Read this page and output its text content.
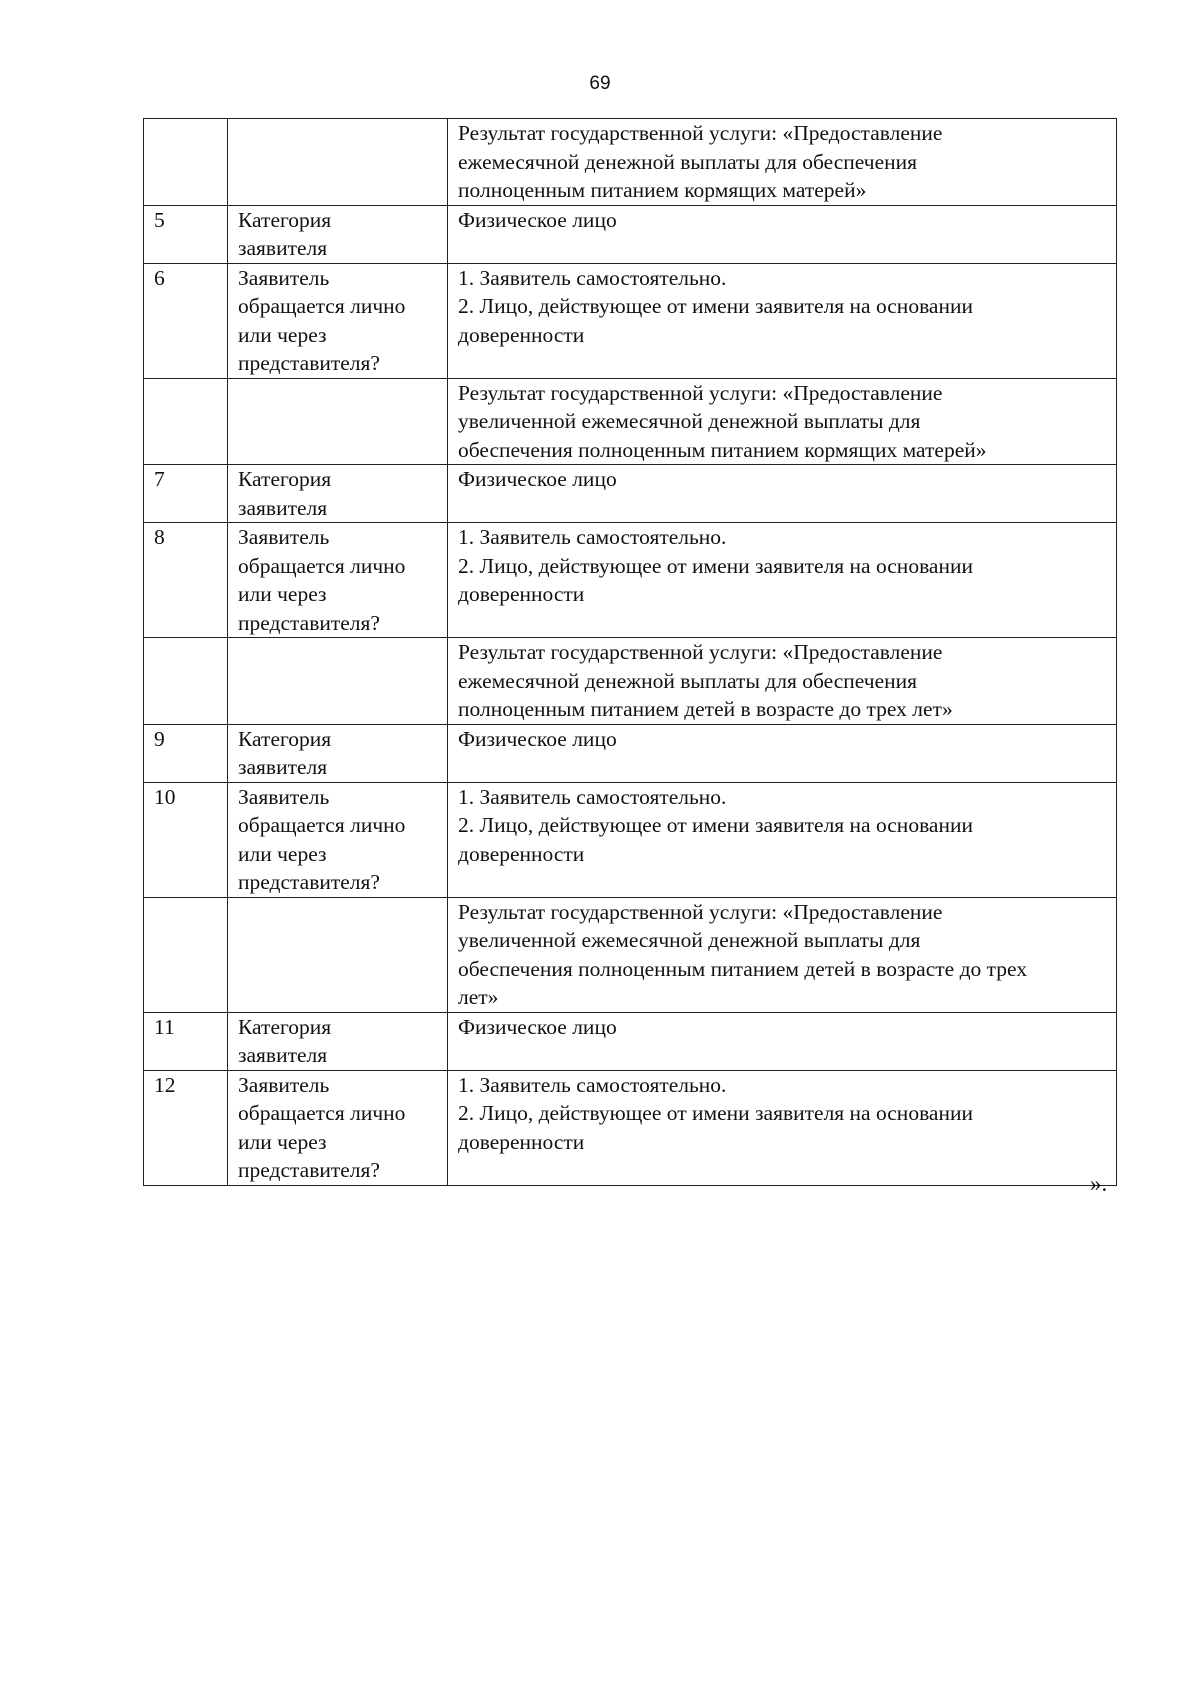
69

		Результат государственной услуги: «Предоставление
ежемесячной денежной выплаты для обеспечения
полноценным питанием кормящих матерей»

5	Категория
заявителя	Физическое лицо

6	Заявитель
обращается лично
или через
представителя?	1. Заявитель самостоятельно.
2. Лицо, действующее от имени заявителя на основании
доверенности

		Результат государственной услуги: «Предоставление
увеличенной ежемесячной денежной выплаты для
обеспечения полноценным питанием кормящих матерей»

7	Категория
заявителя	Физическое лицо

8	Заявитель
обращается лично
или через
представителя?	1. Заявитель самостоятельно.
2. Лицо, действующее от имени заявителя на основании
доверенности

		Результат государственной услуги: «Предоставление
ежемесячной денежной выплаты для обеспечения
полноценным питанием детей в возрасте до трех лет»

9	Категория
заявителя	Физическое лицо

10	Заявитель
обращается лично
или через
представителя?	1. Заявитель самостоятельно.
2. Лицо, действующее от имени заявителя на основании
доверенности

		Результат государственной услуги: «Предоставление
увеличенной ежемесячной денежной выплаты для
обеспечения полноценным питанием детей в возрасте до трех
лет»

11	Категория
заявителя	Физическое лицо

12	Заявитель
обращается лично
или через
представителя?	1. Заявитель самостоятельно.
2. Лицо, действующее от имени заявителя на основании
доверенности
».
